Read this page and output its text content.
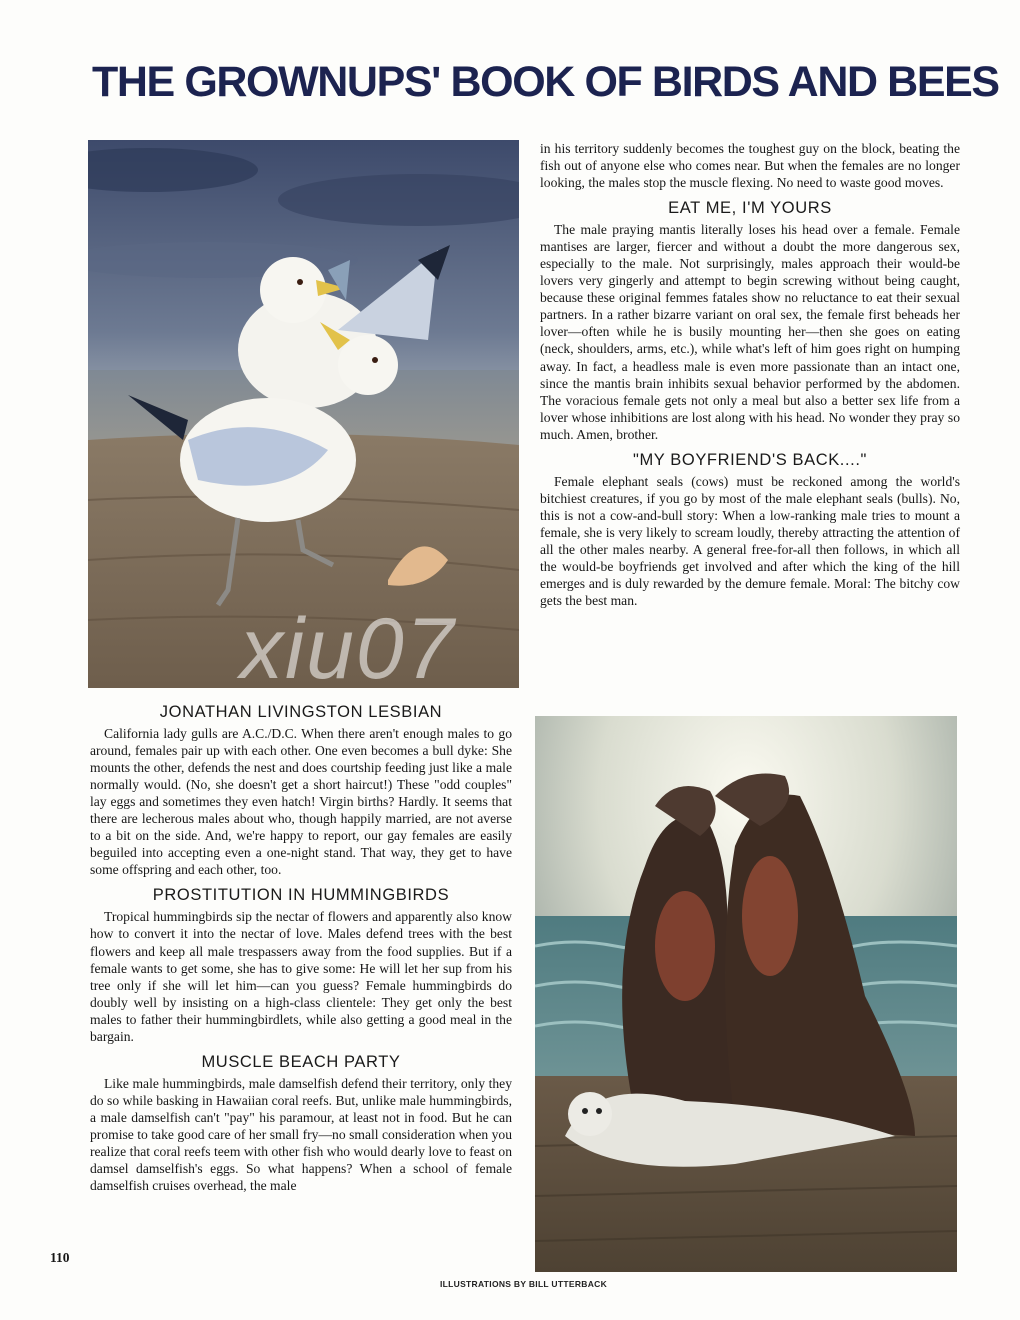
THE GROWNUPS' BOOK OF BIRDS AND BEES
xiu07
JONATHAN LIVINGSTON LESBIAN

California lady gulls are A.C./D.C. When there aren't enough males to go around, females pair up with each other. One even becomes a bull dyke: She mounts the other, defends the nest and does courtship feeding just like a male normally would. (No, she doesn't get a short haircut!) These "odd couples" lay eggs and sometimes they even hatch! Virgin births? Hardly. It seems that there are lecherous males about who, though happily married, are not averse to a bit on the side. And, we're happy to report, our gay females are easily beguiled into accepting even a one-night stand. That way, they get to have some offspring and each other, too.

PROSTITUTION IN HUMMINGBIRDS

Tropical hummingbirds sip the nectar of flowers and apparently also know how to convert it into the nectar of love. Males defend trees with the best flowers and keep all male trespassers away from the food supplies. But if a female wants to get some, she has to give some: He will let her sup from his tree only if she will let him—can you guess? Female hummingbirds do doubly well by insisting on a high-class clientele: They get only the best males to father their hummingbirdlets, while also getting a good meal in the bargain.

MUSCLE BEACH PARTY

Like male hummingbirds, male damselfish defend their territory, only they do so while basking in Hawaiian coral reefs. But, unlike male hummingbirds, a male damselfish can't "pay" his paramour, at least not in food. But he can promise to take good care of her small fry—no small consideration when you realize that coral reefs teem with other fish who would dearly love to feast on damsel damselfish's eggs. So what happens? When a school of female damselfish cruises overhead, the male

in his territory suddenly becomes the toughest guy on the block, beating the fish out of anyone else who comes near. But when the females are no longer looking, the males stop the muscle flexing. No need to waste good moves.

EAT ME, I'M YOURS

The male praying mantis literally loses his head over a female. Female mantises are larger, fiercer and without a doubt the more dangerous sex, especially to the male. Not surprisingly, males approach their would-be lovers very gingerly and attempt to begin screwing without being caught, because these original femmes fatales show no reluctance to eat their sexual partners. In a rather bizarre variant on oral sex, the female first beheads her lover—often while he is busily mounting her—then she goes on eating (neck, shoulders, arms, etc.), while what's left of him goes right on humping away. In fact, a headless male is even more passionate than an intact one, since the mantis brain inhibits sexual behavior performed by the abdomen. The voracious female gets not only a meal but also a better sex life from a lover whose inhibitions are lost along with his head. No wonder they pray so much. Amen, brother.

"MY BOYFRIEND'S BACK...."

Female elephant seals (cows) must be reckoned among the world's bitchiest creatures, if you go by most of the male elephant seals (bulls). No, this is not a cow-and-bull story: When a low-ranking male tries to mount a female, she is very likely to scream loudly, thereby attracting the attention of all the other males nearby. A general free-for-all then follows, in which all the would-be boyfriends get involved and after which the king of the hill emerges and is duly rewarded by the demure female. Moral: The bitchy cow gets the best man.

110
ILLUSTRATIONS BY BILL UTTERBACK
